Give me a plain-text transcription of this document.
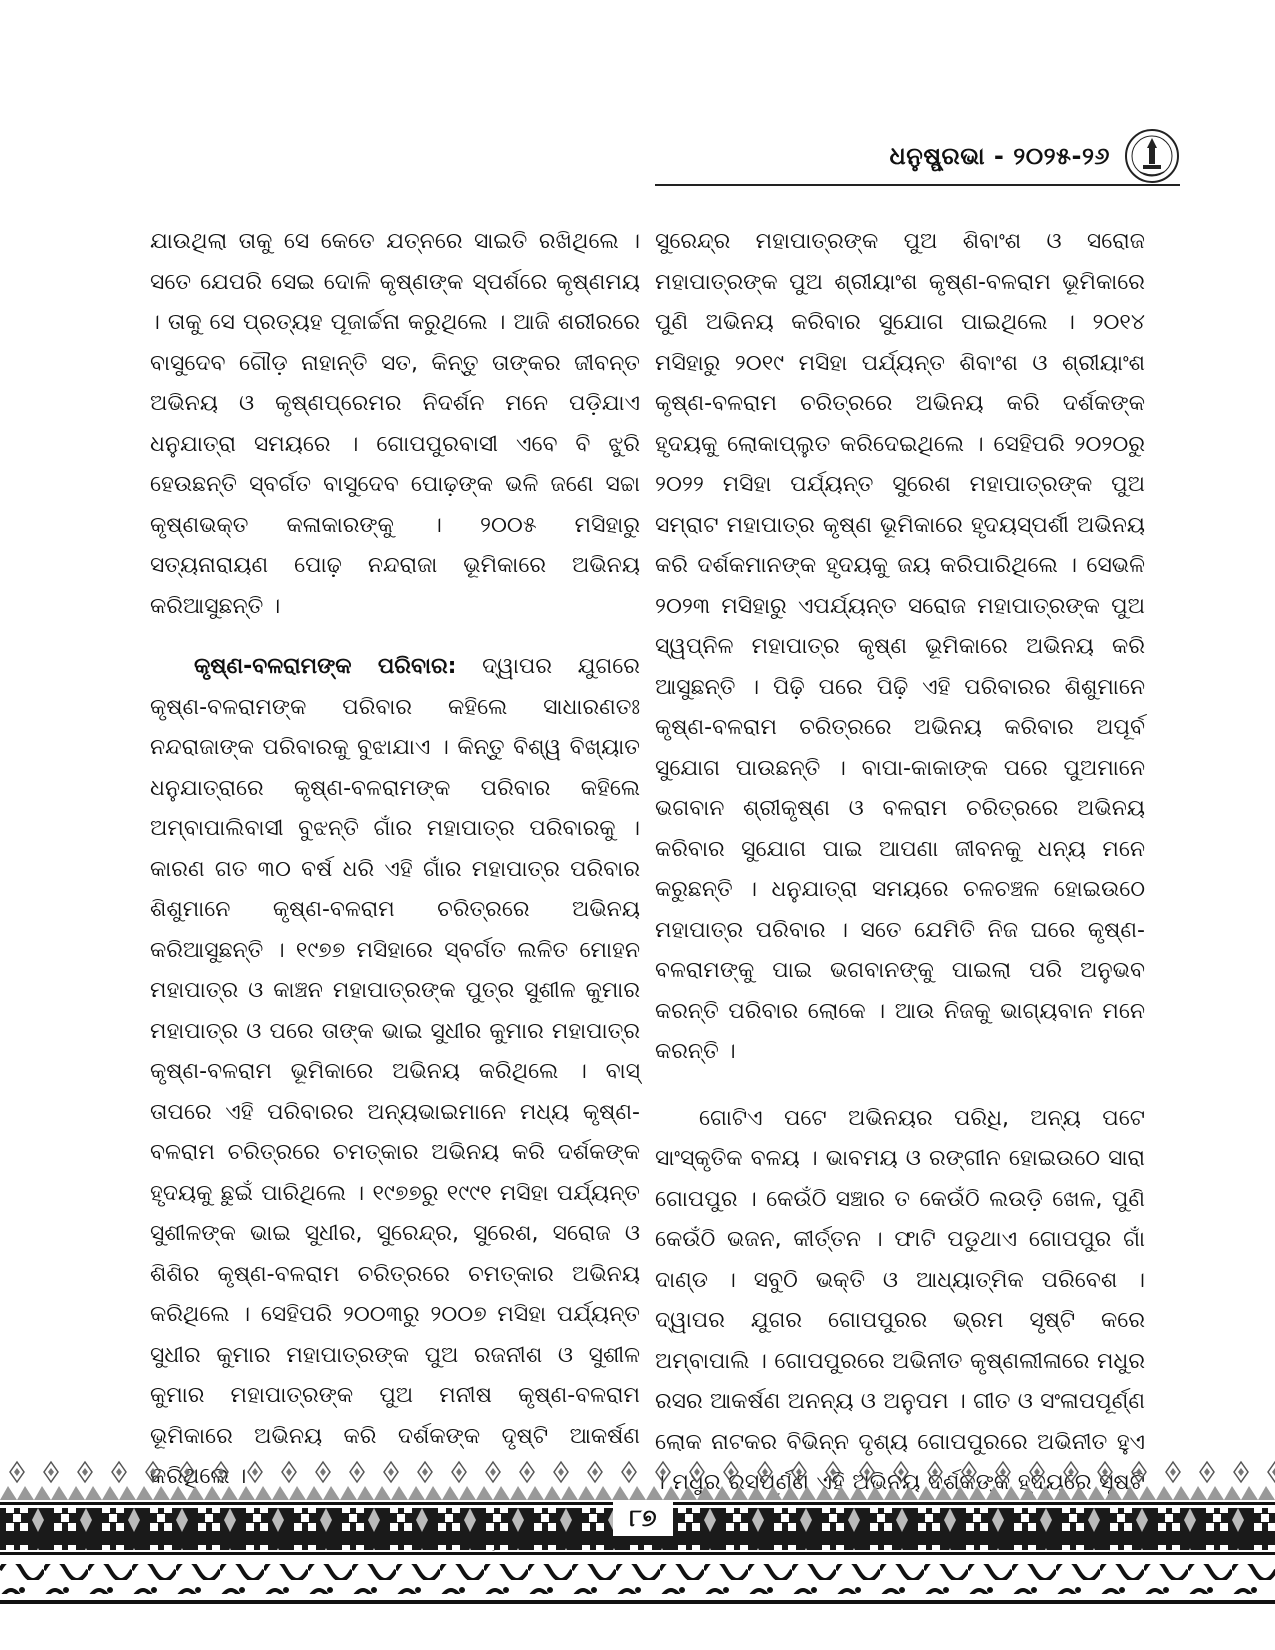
ଧନୁଷ୍ପ୍ରଭା - ୨୦୨୫-୨୬

ଯାଉଥିଲା ତାକୁ ସେ କେତେ ଯତ୍ନରେ ସାଇତି ରଖିଥିଲେ । ସତେ ଯେପରି ସେଇ ଦୋଳି କୃଷ୍ଣଙ୍କ ସ୍ପର୍ଶରେ କୃଷ୍ଣମୟ । ତାକୁ ସେ ପ୍ରତ୍ୟହ ପୂଜାର୍ଚ୍ଚନା କରୁଥିଲେ । ଆଜି ଶରୀରରେ ବାସୁଦେବ ଗୌଡ଼ ନାହାନ୍ତି ସତ, କିନ୍ତୁ ତାଙ୍କର ଜୀବନ୍ତ ଅଭିନୟ ଓ କୃଷ୍ଣପ୍ରେମର ନିଦର୍ଶନ ମନେ ପଡ଼ିଯାଏ ଧନୁଯାତ୍ରା ସମୟରେ । ଗୋପପୁରବାସୀ ଏବେ ବି ଝୁରି ହେଉଛନ୍ତି ସ୍ବର୍ଗତ ବାସୁଦେବ ପୋଢ଼ଙ୍କ ଭଳି ଜଣେ ସଚ୍ଚା କୃଷ୍ଣଭକ୍ତ କଳାକାରଙ୍କୁ । ୨୦୦୫ ମସିହାରୁ ସତ୍ୟନାରାୟଣ ପୋଢ଼ ନନ୍ଦରାଜା ଭୂମିକାରେ ଅଭିନୟ କରିଆସୁଛନ୍ତି ।

କୃଷ୍ଣ-ବଳରାମଙ୍କ ପରିବାର: ଦ୍ୱାପର ଯୁଗରେ କୃଷ୍ଣ-ବଳରାମଙ୍କ ପରିବାର କହିଲେ ସାଧାରଣତଃ ନନ୍ଦରାଜାଙ୍କ ପରିବାରକୁ ବୁଝାଯାଏ । କିନ୍ତୁ ବିଶ୍ୱ ବିଖ୍ୟାତ ଧନୁଯାତ୍ରାରେ କୃଷ୍ଣ-ବଳରାମଙ୍କ ପରିବାର କହିଲେ ଅମ୍ବାପାଲିବାସୀ ବୁଝନ୍ତି ଗାଁର ମହାପାତ୍ର ପରିବାରକୁ । କାରଣ ଗତ ୩୦ ବର୍ଷ ଧରି ଏହି ଗାଁର ମହାପାତ୍ର ପରିବାର ଶିଶୁମାନେ କୃଷ୍ଣ-ବଳରାମ ଚରିତ୍ରରେ ଅଭିନୟ କରିଆସୁଛନ୍ତି । ୧୯୭୭ ମସିହାରେ ସ୍ବର୍ଗତ ଲଳିତ ମୋହନ ମହାପାତ୍ର ଓ କାଞ୍ଚନ ମହାପାତ୍ରଙ୍କ ପୁତ୍ର ସୁଶୀଳ କୁମାର ମହାପାତ୍ର ଓ ପରେ ତାଙ୍କ ଭାଇ ସୁଧୀର କୁମାର ମହାପାତ୍ର କୃଷ୍ଣ-ବଳରାମ ଭୂମିକାରେ ଅଭିନୟ କରିଥିଲେ । ବାସ୍ ତାପରେ ଏହି ପରିବାରର ଅନ୍ୟଭାଇମାନେ ମଧ୍ୟ କୃଷ୍ଣ-ବଳରାମ ଚରିତ୍ରରେ ଚମତ୍କାର ଅଭିନୟ କରି ଦର୍ଶକଙ୍କ ହୃଦୟକୁ ଛୁଇଁ ପାରିଥିଲେ । ୧୯୭୭ରୁ ୧୯୯୧ ମସିହା ପର୍ଯ୍ୟନ୍ତ ସୁଶୀଳଙ୍କ ଭାଇ ସୁଧୀର, ସୁରେନ୍ଦ୍ର, ସୁରେଶ, ସରୋଜ ଓ ଶିଶିର କୃଷ୍ଣ-ବଳରାମ ଚରିତ୍ରରେ ଚମତ୍କାର ଅଭିନୟ କରିଥିଲେ । ସେହିପରି ୨୦୦୩ରୁ ୨୦୦୭ ମସିହା ପର୍ଯ୍ୟନ୍ତ ସୁଧୀର କୁମାର ମହାପାତ୍ରଙ୍କ ପୁଅ ରଜନୀଶ ଓ ସୁଶୀଳ କୁମାର ମହାପାତ୍ରଙ୍କ ପୁଅ ମନୀଷ କୃଷ୍ଣ-ବଳରାମ ଭୂମିକାରେ ଅଭିନୟ କରି ଦର୍ଶକଙ୍କ ଦୃଷ୍ଟି ଆକର୍ଷଣ

ସୁରେନ୍ଦ୍ର ମହାପାତ୍ରଙ୍କ ପୁଅ ଶିବାଂଶ ଓ ସରୋଜ ମହାପାତ୍ରଙ୍କ ପୁଅ ଶ୍ରୀୟାଂଶ କୃଷ୍ଣ-ବଳରାମ ଭୂମିକାରେ ପୁଣି ଅଭିନୟ କରିବାର ସୁଯୋଗ ପାଇଥିଲେ । ୨୦୧୪ ମସିହାରୁ ୨୦୧୯ ମସିହା ପର୍ଯ୍ୟନ୍ତ ଶିବାଂଶ ଓ ଶ୍ରୀୟାଂଶ କୃଷ୍ଣ-ବଳରାମ ଚରିତ୍ରରେ ଅଭିନୟ କରି ଦର୍ଶକଙ୍କ ହୃଦୟକୁ ଲୋକାପ୍ଲୁତ କରିଦେଇଥିଲେ । ସେହିପରି ୨୦୨୦ରୁ ୨୦୨୨ ମସିହା ପର୍ଯ୍ୟନ୍ତ ସୁରେଶ ମହାପାତ୍ରଙ୍କ ପୁଅ ସମ୍ରାଟ ମହାପାତ୍ର କୃଷ୍ଣ ଭୂମିକାରେ ହୃଦୟସ୍ପର୍ଶୀ ଅଭିନୟ କରି ଦର୍ଶକମାନଙ୍କ ହୃଦୟକୁ ଜୟ କରିପାରିଥିଲେ । ସେଭଳି ୨୦୨୩ ମସିହାରୁ ଏପର୍ଯ୍ୟନ୍ତ ସରୋଜ ମହାପାତ୍ରଙ୍କ ପୁଅ ସ୍ୱପ୍ନିଳ ମହାପାତ୍ର କୃଷ୍ଣ ଭୂମିକାରେ ଅଭିନୟ କରି ଆସୁଛନ୍ତି । ପିଢ଼ି ପରେ ପିଢ଼ି ଏହି ପରିବାରର ଶିଶୁମାନେ କୃଷ୍ଣ-ବଳରାମ ଚରିତ୍ରରେ ଅଭିନୟ କରିବାର ଅପୂର୍ବ ସୁଯୋଗ ପାଉଛନ୍ତି । ବାପା-କାକାଙ୍କ ପରେ ପୁଅମାନେ ଭଗବାନ ଶ୍ରୀକୃଷ୍ଣ ଓ ବଳରାମ ଚରିତ୍ରରେ ଅଭିନୟ କରିବାର ସୁଯୋଗ ପାଇ ଆପଣା ଜୀବନକୁ ଧନ୍ୟ ମନେ କରୁଛନ୍ତି । ଧନୁଯାତ୍ରା ସମୟରେ ଚଳଚଞ୍ଚଳ ହୋଇଉଠେ ମହାପାତ୍ର ପରିବାର । ସତେ ଯେମିତି ନିଜ ଘରେ କୃଷ୍ଣ-ବଳରାମଙ୍କୁ ପାଇ ଭଗବାନଙ୍କୁ ପାଇଲା ପରି ଅନୁଭବ କରନ୍ତି ପରିବାର ଲୋକେ । ଆଉ ନିଜକୁ ଭାଗ୍ୟବାନ ମନେ କରନ୍ତି ।

ଗୋଟିଏ ପଟେ ଅଭିନୟର ପରିଧି, ଅନ୍ୟ ପଟେ ସାଂସ୍କୃତିକ ବଳୟ । ଭାବମୟ ଓ ରଙ୍ଗୀନ ହୋଇଉଠେ ସାରା ଗୋପପୁର । କେଉଁଠି ସଞ୍ଚାର ତ କେଉଁଠି ଲଉଡ଼ି ଖେଳ, ପୁଣି କେଉଁଠି ଭଜନ, କୀର୍ତ୍ତନ । ଫାଟି ପଡୁଥାଏ ଗୋପପୁର ଗାଁ ଦାଣ୍ଡ । ସବୁଠି ଭକ୍ତି ଓ ଆଧ୍ୟାତ୍ମିକ ପରିବେଶ । ଦ୍ୱାପର ଯୁଗର ଗୋପପୁରର ଭ୍ରମ ସୃଷ୍ଟି କରେ ଅମ୍ବାପାଲି । ଗୋପପୁରରେ ଅଭିନୀତ କୃଷ୍ଣଲୀଳାରେ ମଧୁର ରସର ଆକର୍ଷଣ ଅନନ୍ୟ ଓ ଅନୁପମ । ଗୀତ ଓ ସଂଳାପପୂର୍ଣ୍ଣ ଲୋକ ନାଟକର ବିଭିନ୍ନ ଦୃଶ୍ୟ ଗୋପପୁରରେ ଅଭିନୀତ ହୁଏ

୮୭
